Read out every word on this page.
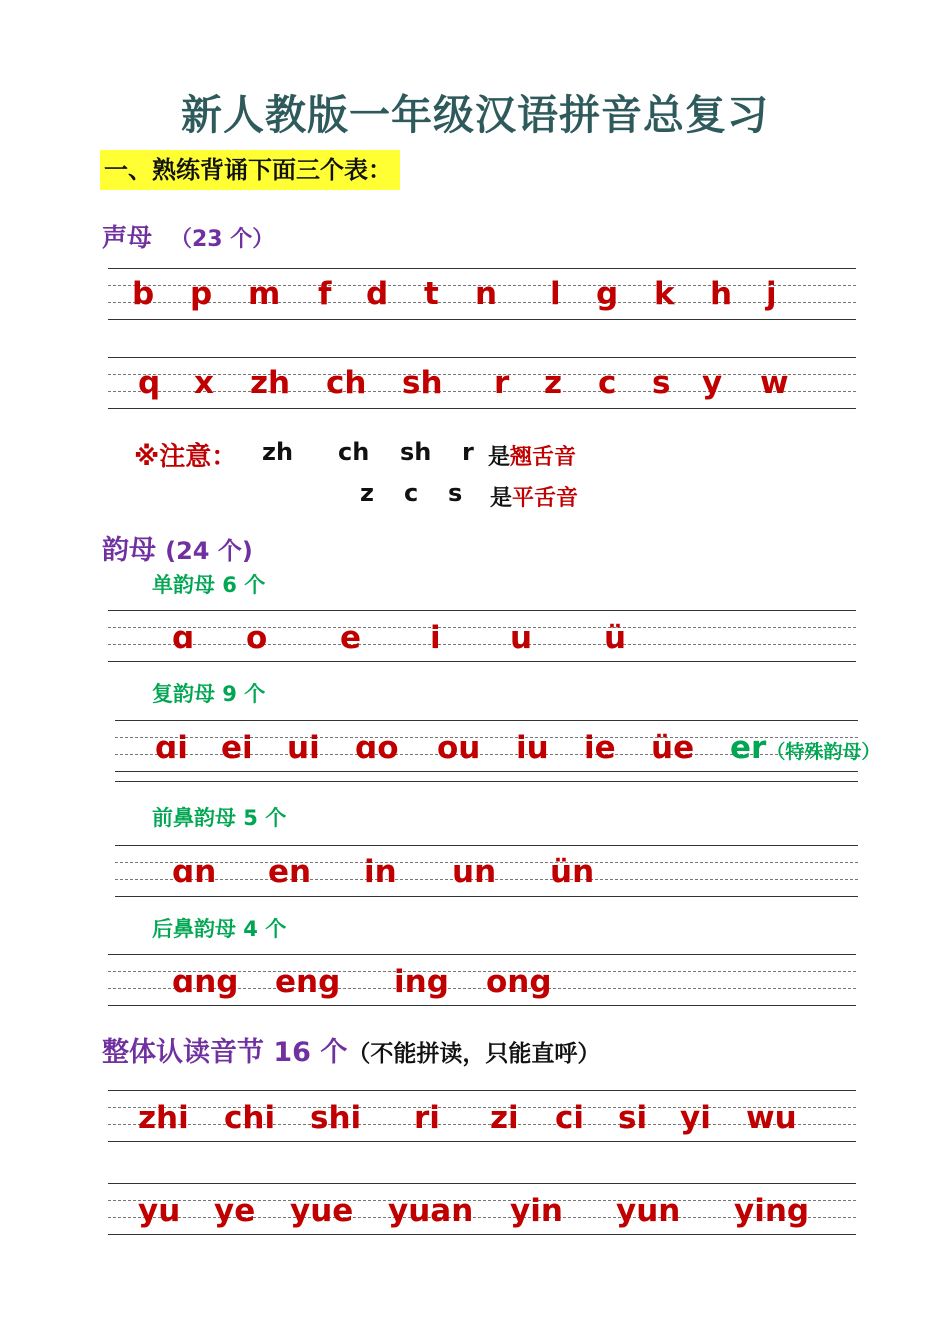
新人教版一年级汉语拼音总复习
一、熟练背诵下面三个表：
声母 （23 个）
b p m f d t n l g k h j
q x zh ch sh r z c s y w
※注意： zh ch sh r 是翘舌音
z c s 是平舌音
韵母 (24 个)
单韵母 6 个
ɑ o e i u ü
复韵母 9 个
ɑi ei ui ɑo ou iu ie üe er（特殊韵母）
前鼻韵母 5 个
ɑn en in un ün
后鼻韵母 4 个
ɑng eng ing ong
整体认读音节 16 个（不能拼读，只能直呼）
zhi chi shi ri zi ci si yi wu
yu ye yue yuan yin yun ying
